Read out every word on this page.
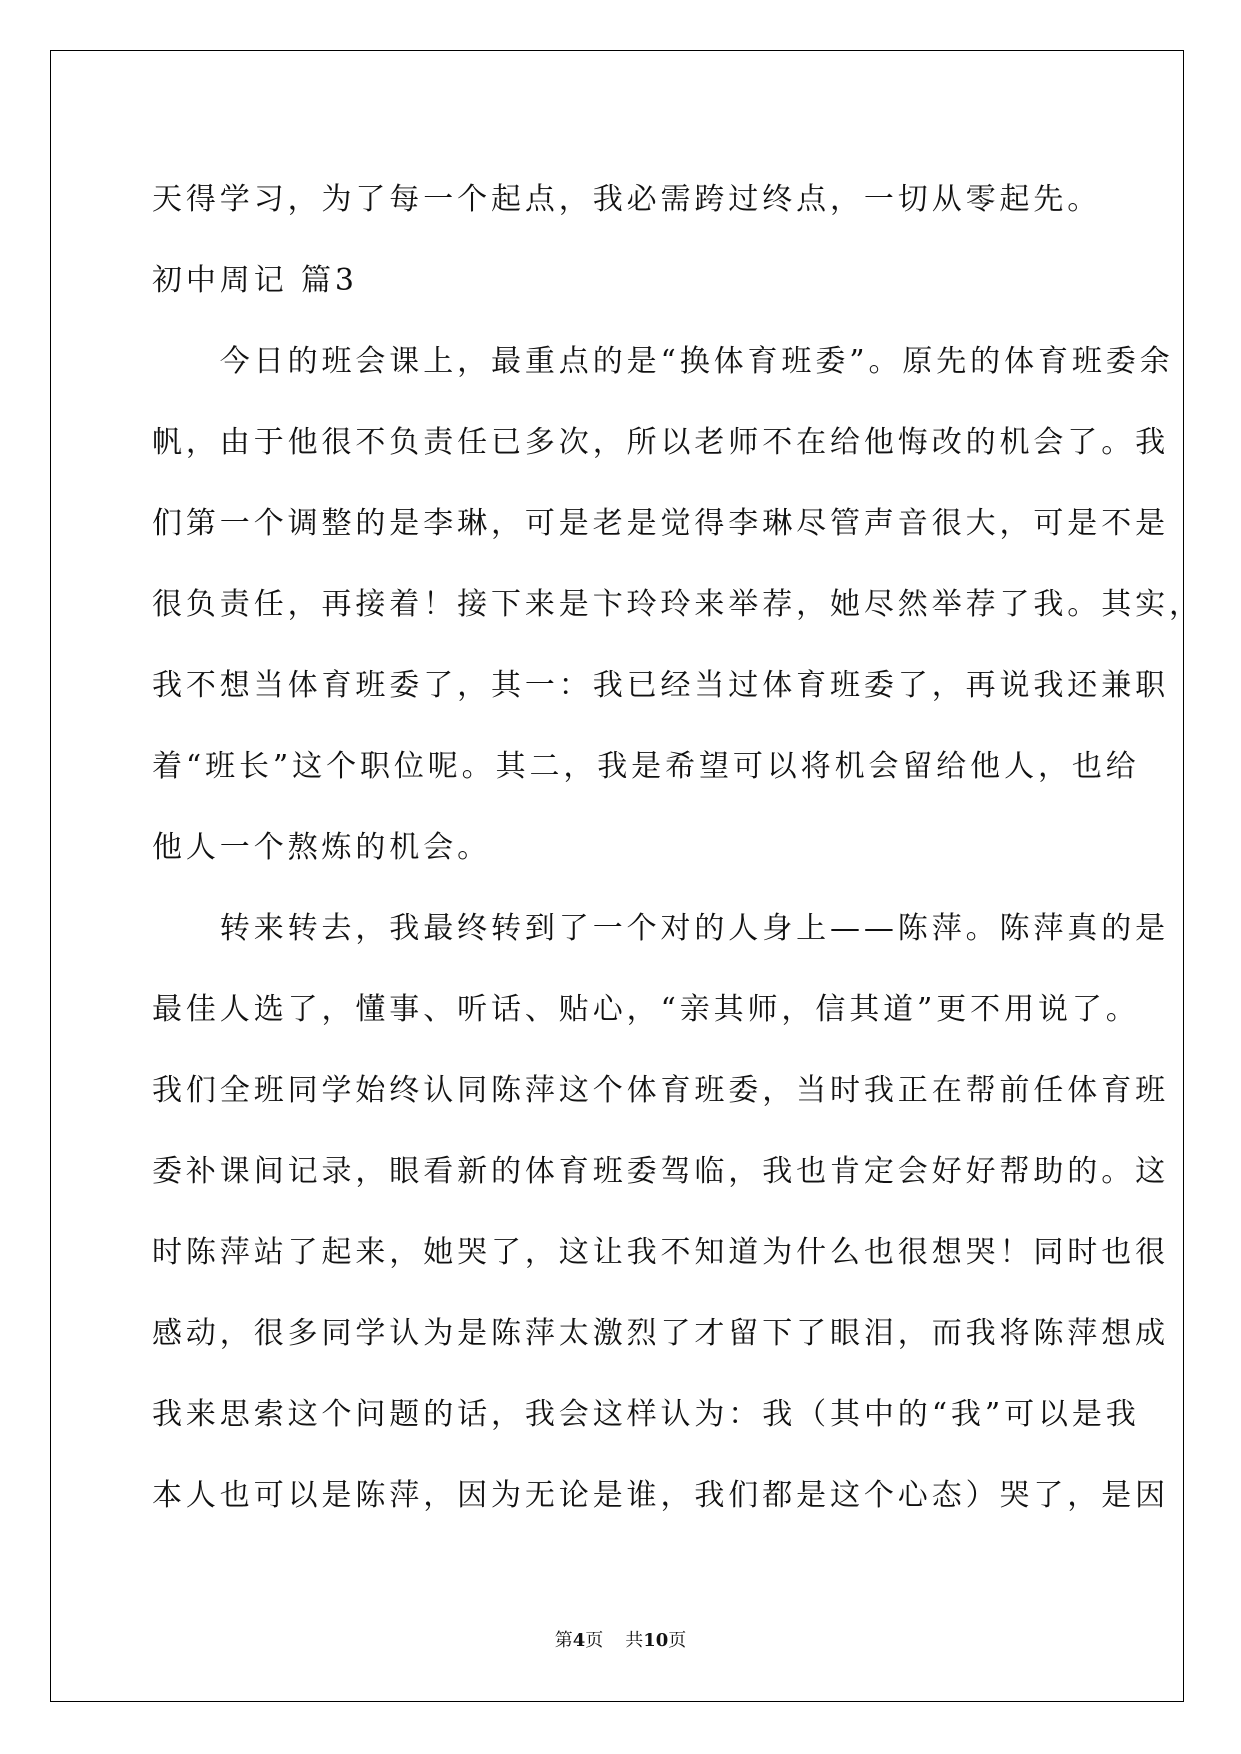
天得学习，为了每一个起点，我必需跨过终点，一切从零起先。
初中周记 篇3
　　今日的班会课上，最重点的是“换体育班委”。原先的体育班委余
帆，由于他很不负责任已多次，所以老师不在给他悔改的机会了。我
们第一个调整的是李琳，可是老是觉得李琳尽管声音很大，可是不是
很负责任，再接着！接下来是卞玲玲来举荐，她尽然举荐了我。其实，
我不想当体育班委了，其一：我已经当过体育班委了，再说我还兼职
着“班长”这个职位呢。其二，我是希望可以将机会留给他人，也给
他人一个熬炼的机会。
　　转来转去，我最终转到了一个对的人身上——陈萍。陈萍真的是
最佳人选了，懂事、听话、贴心，“亲其师，信其道”更不用说了。
我们全班同学始终认同陈萍这个体育班委，当时我正在帮前任体育班
委补课间记录，眼看新的体育班委驾临，我也肯定会好好帮助的。这
时陈萍站了起来，她哭了，这让我不知道为什么也很想哭！同时也很
感动，很多同学认为是陈萍太激烈了才留下了眼泪，而我将陈萍想成
我来思索这个问题的话，我会这样认为：我（其中的“我”可以是我
本人也可以是陈萍，因为无论是谁，我们都是这个心态）哭了，是因
第4页 共10页
